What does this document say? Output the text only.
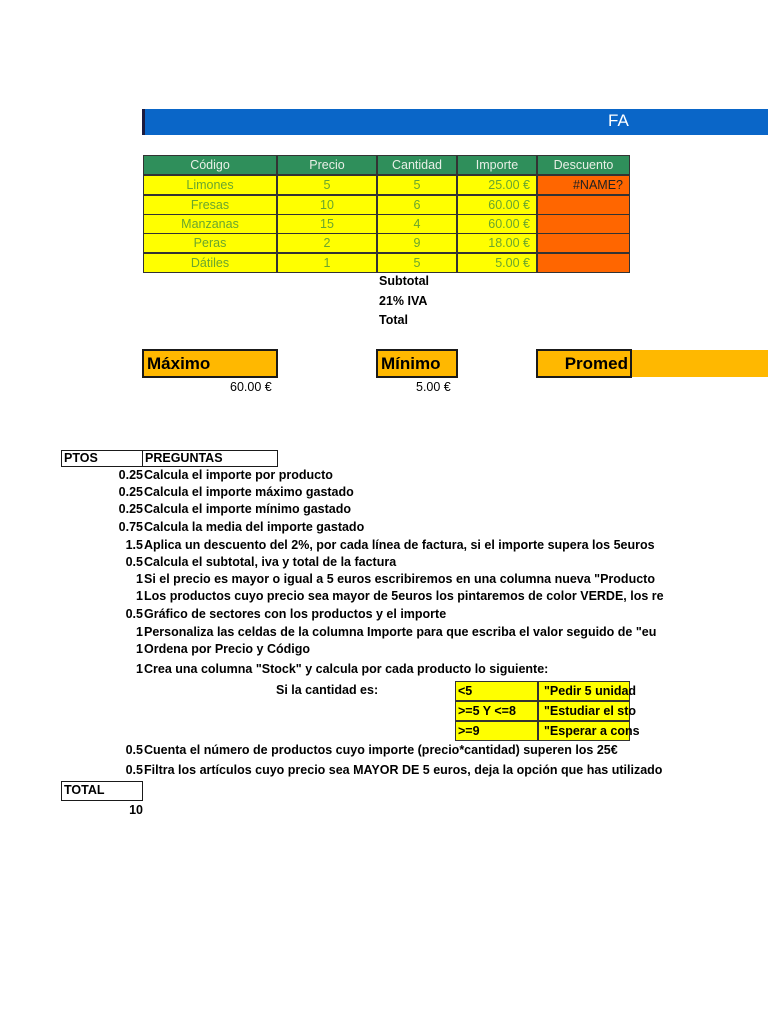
FA
Código	Precio	Cantidad	Importe	Descuento
Limones	5	5	25.00 €	#NAME?
Fresas	10	6	60.00 €
Manzanas	15	4	60.00 €
Peras	2	9	18.00 €
Dátiles	1	5	5.00 €
Subtotal
21% IVA
Total
Máximo
60.00 €
Mínimo
5.00 €
Promed
PTOS	PREGUNTAS
0.25 Calcula el importe por producto
0.25 Calcula el importe máximo gastado
0.25 Calcula el importe mínimo gastado
0.75 Calcula la media del importe gastado
1.5 Aplica un descuento del 2%, por cada línea de factura, si el importe supera los 5euros
0.5 Calcula el subtotal, iva y total de la factura
1 Si el precio es mayor o igual a 5 euros escribiremos en una columna nueva "Producto
1 Los productos cuyo precio sea mayor de 5euros los pintaremos de color VERDE, los re
0.5 Gráfico de sectores con los productos y el importe
1 Personaliza las celdas de la columna Importe para que escriba el valor seguido de "eu
1 Ordena por Precio y Código
1 Crea una columna "Stock" y calcula por cada producto lo siguiente:
Si la cantidad es:	<5	"Pedir 5 unidad
>=5 Y <=8	"Estudiar el sto
>=9	"Esperar a cons
0.5 Cuenta el número de productos cuyo importe (precio*cantidad) superen los 25€
0.5 Filtra los artículos cuyo precio sea MAYOR DE 5 euros, deja la opción que has utilizado
TOTAL
10
